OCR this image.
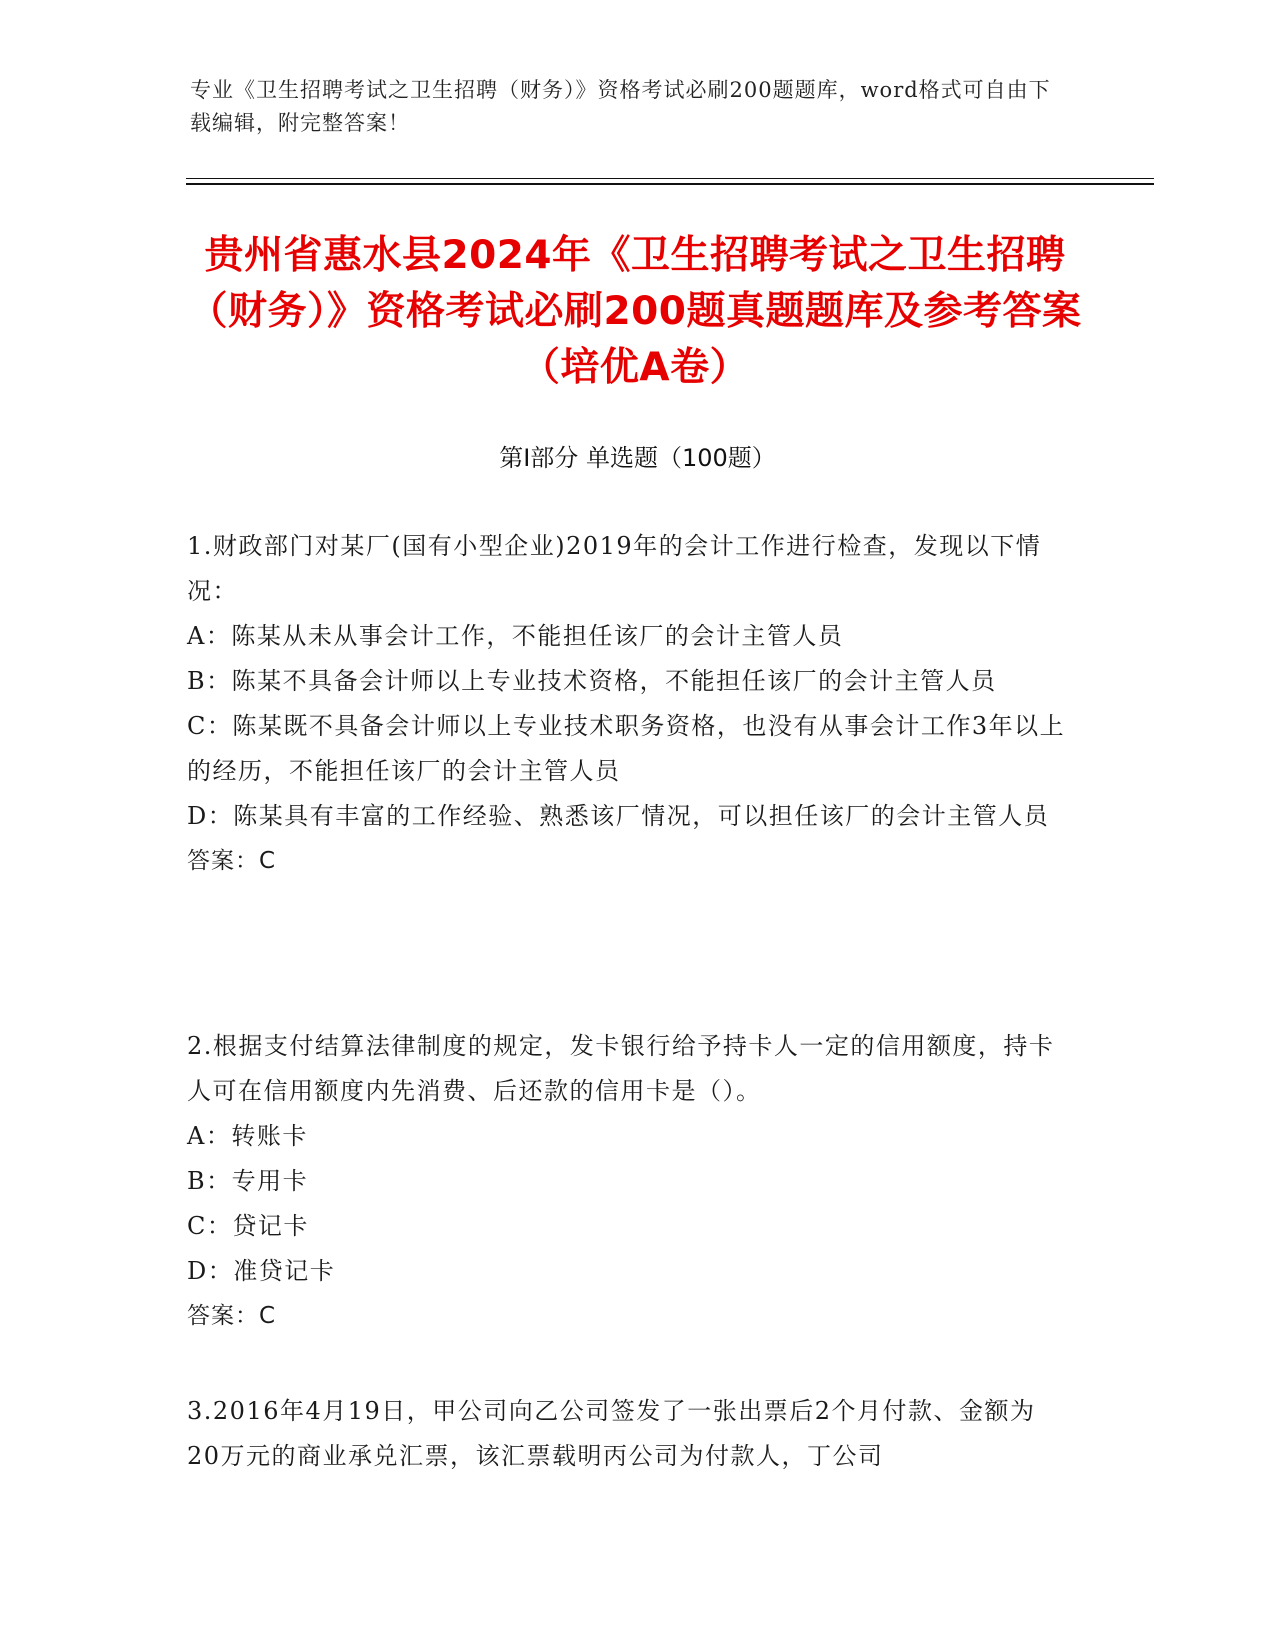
专业《卫生招聘考试之卫生招聘（财务）》资格考试必刷200题题库，word格式可自由下载编辑，附完整答案！
贵州省惠水县2024年《卫生招聘考试之卫生招聘（财务）》资格考试必刷200题真题题库及参考答案（培优A卷）
第Ⅰ部分 单选题（100题）
1.财政部门对某厂(国有小型企业)2019年的会计工作进行检查，发现以下情况：
A：陈某从未从事会计工作，不能担任该厂的会计主管人员
B：陈某不具备会计师以上专业技术资格，不能担任该厂的会计主管人员
C：陈某既不具备会计师以上专业技术职务资格，也没有从事会计工作3年以上的经历，不能担任该厂的会计主管人员
D：陈某具有丰富的工作经验、熟悉该厂情况，可以担任该厂的会计主管人员
答案：C
2.根据支付结算法律制度的规定，发卡银行给予持卡人一定的信用额度，持卡人可在信用额度内先消费、后还款的信用卡是（）。
A：转账卡
B：专用卡
C：贷记卡
D：准贷记卡
答案：C
3.2016年4月19日，甲公司向乙公司签发了一张出票后2个月付款、金额为20万元的商业承兑汇票，该汇票载明丙公司为付款人，丁公司
